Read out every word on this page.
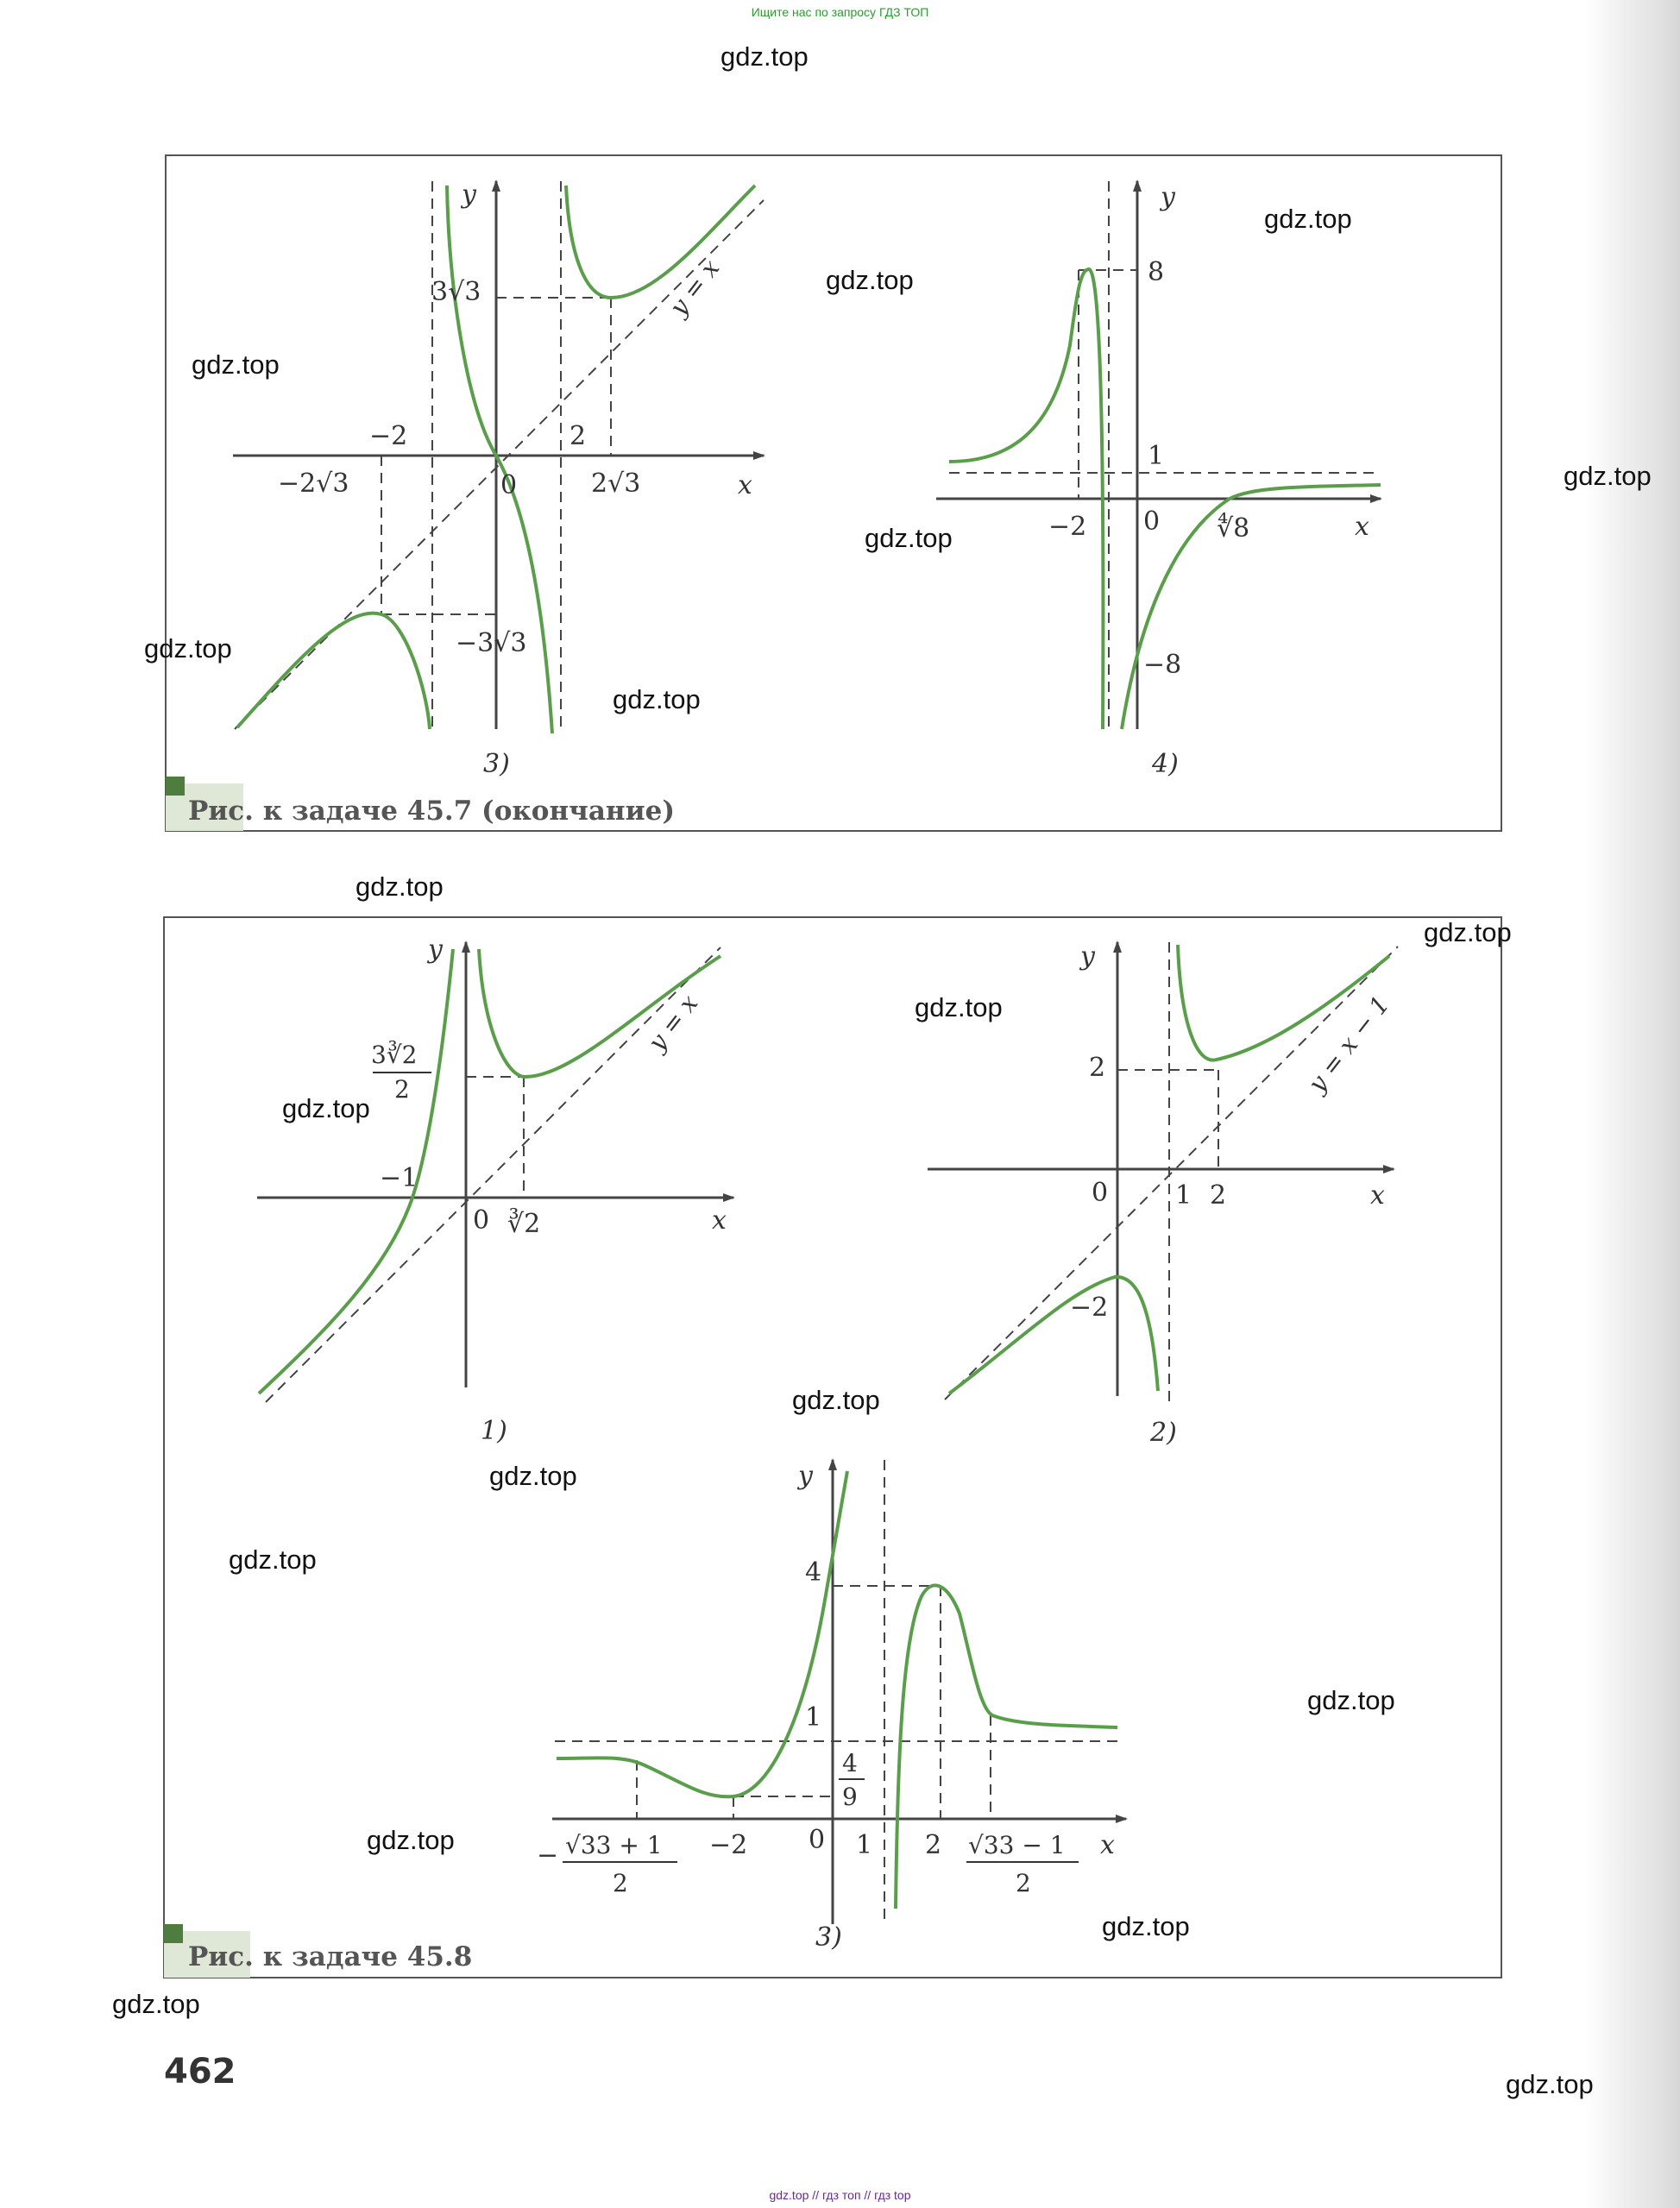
Ищите нас по запросу ГДЗ ТОП
Рис. к задаче 45.7 (окончание)
y
x
0
−2	2
−2√3	2√3
3√3
−3√3
y = x
3)
y
x
0
8
1
−8
−2	∜8
4)
Рис. к задаче 45.8
y
x
0
−1
∛2
3∛2
2
y = x
1)
y
x
0	1 2
2
−2
y = x − 1
2)
y
x
0
4
1
4
9
−2	1 2
− √33 + 1
2
√33 − 1
2
3)
gdz.top
gdz.top
gdz.top
gdz.top
gdz.top
gdz.top
gdz.top
gdz.top
gdz.top
gdz.top
gdz.top
gdz.top
gdz.top
gdz.top
gdz.top
gdz.top
gdz.top
gdz.top
gdz.top
gdz.top
462
gdz.top // гдз топ // гдз top
